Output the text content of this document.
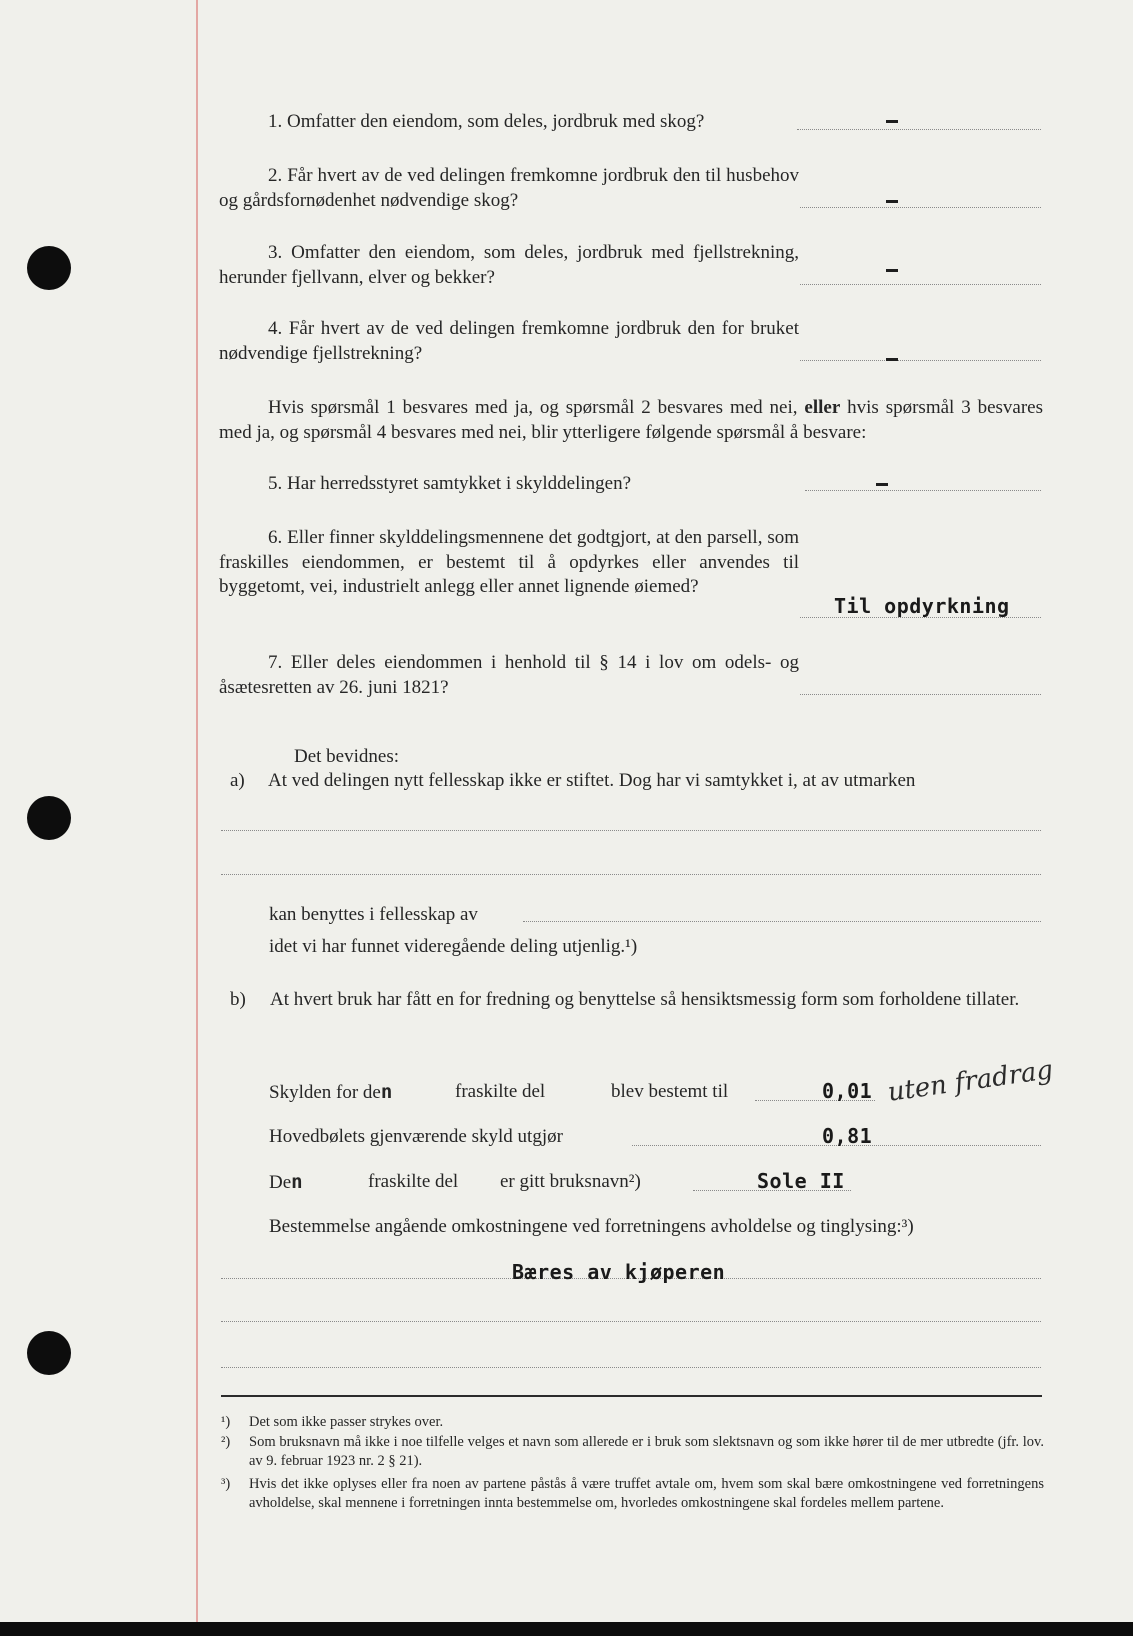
1. Omfatter den eiendom, som deles, jordbruk med skog?
2. Får hvert av de ved delingen fremkomne jordbruk den til husbehov og gårdsfornødenhet nødvendige skog?
3. Omfatter den eiendom, som deles, jordbruk med fjellstrekning, herunder fjellvann, elver og bekker?
4. Får hvert av de ved delingen fremkomne jordbruk den for bruket nødvendige fjellstrekning?
Hvis spørsmål 1 besvares med ja, og spørsmål 2 besvares med nei, eller hvis spørsmål 3 besvares med ja, og spørsmål 4 besvares med nei, blir ytterligere følgende spørsmål å besvare:
5. Har herredsstyret samtykket i skylddelingen?
6. Eller finner skylddelingsmennene det godtgjort, at den parsell, som fraskilles eiendommen, er bestemt til å opdyrkes eller anvendes til byggetomt, vei, industrielt anlegg eller annet lignende øiemed?
Til opdyrkning
7. Eller deles eiendommen i henhold til § 14 i lov om odels- og åsætesretten av 26. juni 1821?
Det bevidnes:
a) At ved delingen nytt fellesskap ikke er stiftet. Dog har vi samtykket i, at av utmarken
kan benyttes i fellesskap av
idet vi har funnet videregående deling utjenlig.¹)
b) At hvert bruk har fått en for fredning og benyttelse så hensiktsmessig form som forholdene tillater.
Skylden for den	fraskilte del	blev bestemt til	0,01 uten fradrag
Hovedbølets gjenværende skyld utgjør	0,81
Den	fraskilte del er gitt bruksnavn²)	Sole II
Bestemmelse angående omkostningene ved forretningens avholdelse og tinglysing:³)
Bæres av kjøperen
¹) Det som ikke passer strykes over.
²) Som bruksnavn må ikke i noe tilfelle velges et navn som allerede er i bruk som slektsnavn og som ikke hører til de mer utbredte (jfr. lov. av 9. februar 1923 nr. 2 § 21).
³) Hvis det ikke oplyses eller fra noen av partene påstås å være truffet avtale om, hvem som skal bære omkostningene ved forretningens avholdelse, skal mennene i forretningen innta bestemmelse om, hvorledes omkostningene skal fordeles mellem partene.
